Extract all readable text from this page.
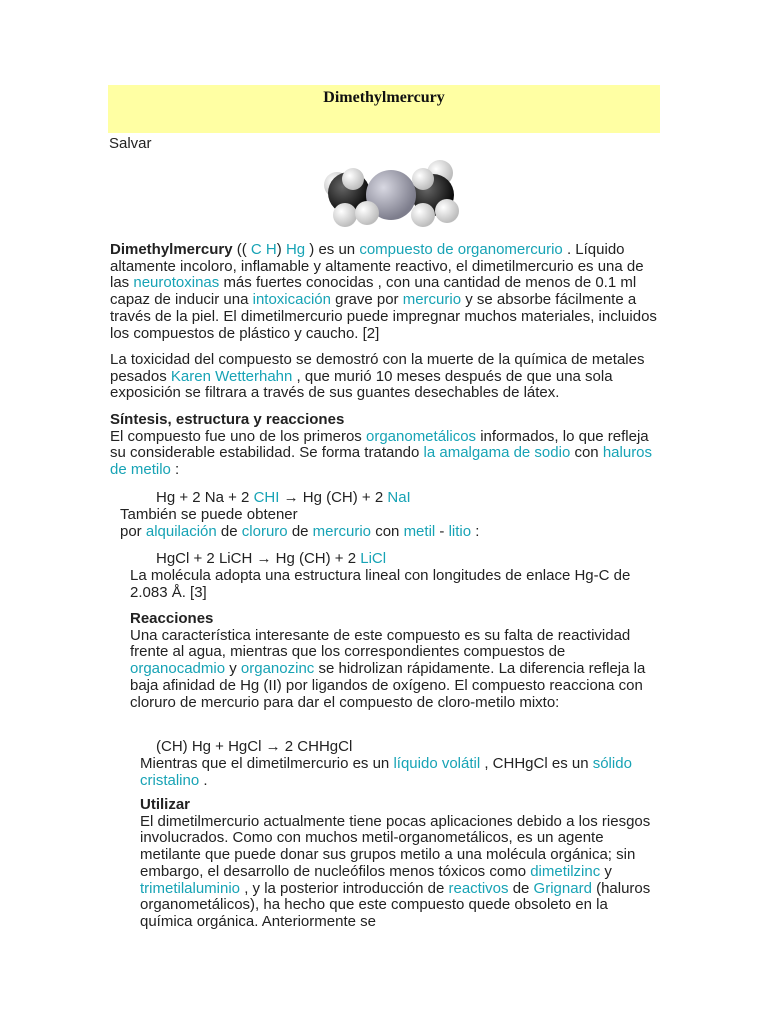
Dimethylmercury
Salvar

Dimethylmercury (( C H) Hg ) es un compuesto de organomercurio . Líquido altamente incoloro, inflamable y altamente reactivo, el dimetilmercurio es una de las neurotoxinas más fuertes conocidas , con una cantidad de menos de 0.1 ml capaz de inducir una intoxicación grave por mercurio y se absorbe fácilmente a través de la piel. El dimetilmercurio puede impregnar muchos materiales, incluidos los compuestos de plástico y caucho. [2]

La toxicidad del compuesto se demostró con la muerte de la química de metales pesados Karen Wetterhahn , que murió 10 meses después de que una sola exposición se filtrara a través de sus guantes desechables de látex.

Síntesis, estructura y reacciones
El compuesto fue uno de los primeros organometálicos informados, lo que refleja su considerable estabilidad. Se forma tratando la amalgama de sodio con haluros de metilo :

Hg + 2 Na + 2 CHI → Hg (CH) + 2 NaI

También se puede obtener
por alquilación de cloruro de mercurio con metil - litio :

HgCl + 2 LiCH → Hg (CH) + 2 LiCl

La molécula adopta una estructura lineal con longitudes de enlace Hg-C de 2.083 Å. [3]

Reacciones
Una característica interesante de este compuesto es su falta de reactividad frente al agua, mientras que los correspondientes compuestos de organocadmio y organozinc se hidrolizan rápidamente. La diferencia refleja la baja afinidad de Hg (II) por ligandos de oxígeno. El compuesto reacciona con cloruro de mercurio para dar el compuesto de cloro-metilo mixto:

(CH) Hg + HgCl → 2 CHHgCl

Mientras que el dimetilmercurio es un líquido volátil , CHHgCl es un sólido cristalino .

Utilizar
El dimetilmercurio actualmente tiene pocas aplicaciones debido a los riesgos involucrados. Como con muchos metil-organometálicos, es un agente metilante que puede donar sus grupos metilo a una molécula orgánica; sin embargo, el desarrollo de nucleófilos menos tóxicos como dimetilzinc y trimetilaluminio , y la posterior introducción de reactivos de Grignard (haluros organometálicos), ha hecho que este compuesto quede obsoleto en la química orgánica. Anteriormente se
